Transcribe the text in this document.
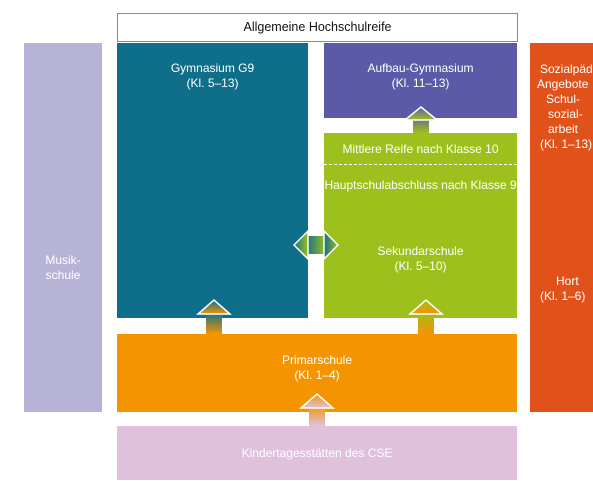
Allgemeine Hochschulreife
Musik-
schule
Gymnasium G9
(Kl. 5–13)
Aufbau-Gymnasium
(Kl. 11–13)
Mittlere Reife nach Klasse 10
Hauptschulabschluss nach Klasse 9
Sekundarschule
(Kl. 5–10)
Primarschule
(Kl. 1–4)
Kindertagesstätten des CSE
Sozialpäd
Angebote
Schul-
sozial-
arbeit
(Kl. 1–13)
Hort
(Kl. 1–6)
